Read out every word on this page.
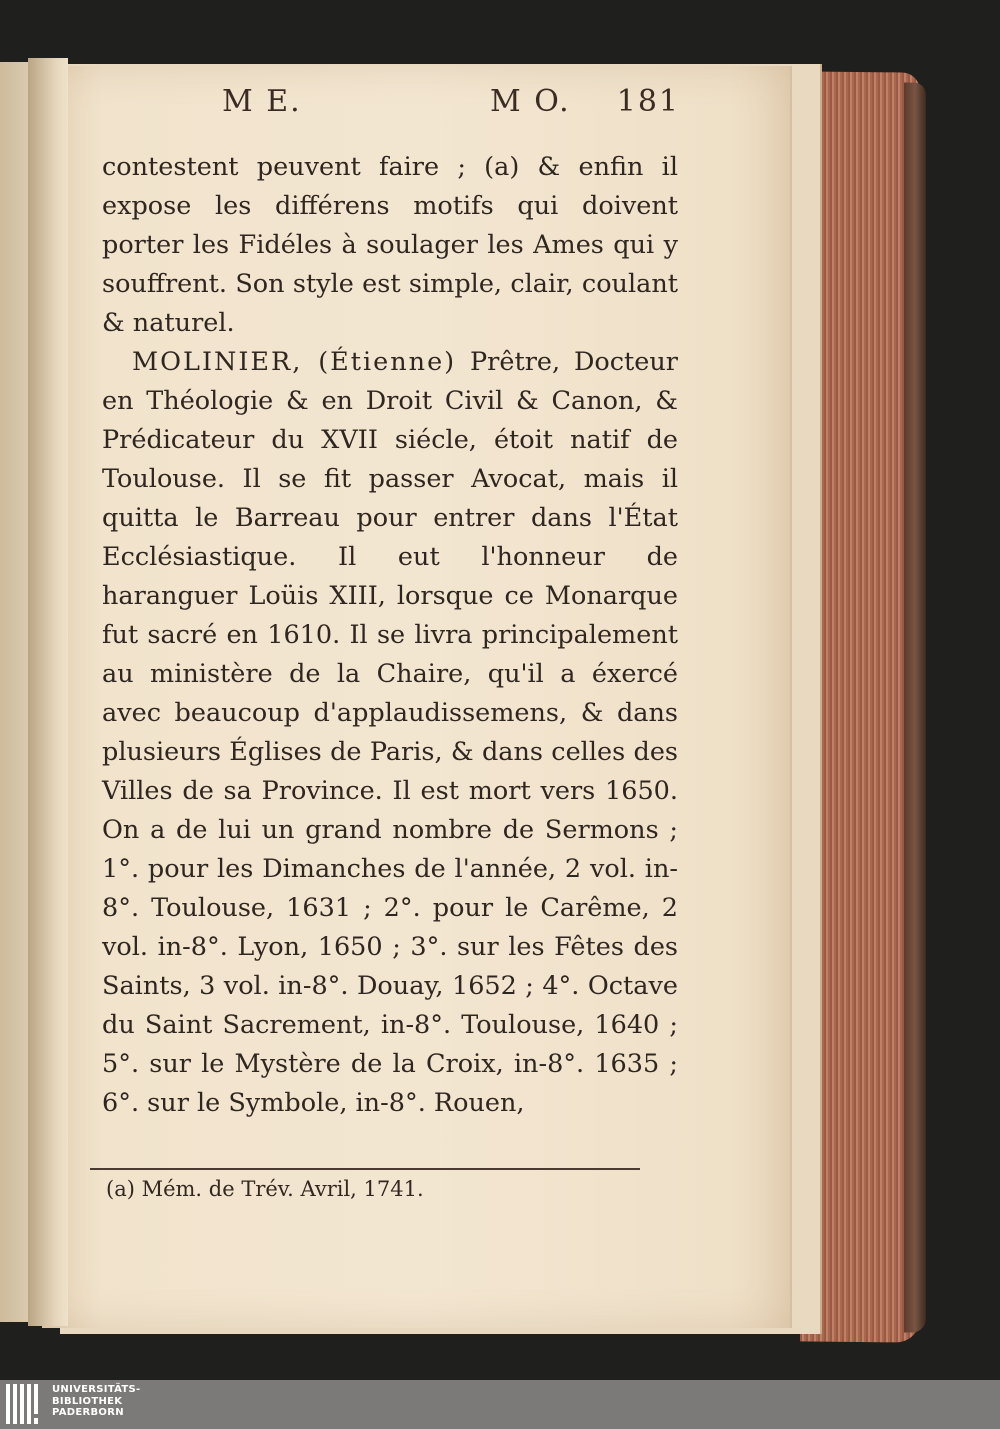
M E.	M O. 181

contestent peuvent faire ; (a) & enfin il expose les différens motifs qui doivent porter les Fidéles à soulager les Ames qui y souffrent. Son style est simple, clair, coulant & naturel.

MOLINIER, (Étienne) Prêtre, Docteur en Théologie & en Droit Civil & Canon, & Prédicateur du XVII siécle, étoit natif de Toulouse. Il se fit passer Avocat, mais il quitta le Barreau pour entrer dans l'État Ecclésiastique. Il eut l'honneur de haranguer Loüis XIII, lorsque ce Monarque fut sacré en 1610. Il se livra principalement au ministère de la Chaire, qu'il a éxercé avec beaucoup d'applaudissemens, & dans plusieurs Églises de Paris, & dans celles des Villes de sa Province. Il est mort vers 1650. On a de lui un grand nombre de Sermons ; 1°. pour les Dimanches de l'année, 2 vol. in-8°. Toulouse, 1631 ; 2°. pour le Carême, 2 vol. in-8°. Lyon, 1650 ; 3°. sur les Fêtes des Saints, 3 vol. in-8°. Douay, 1652 ; 4°. Octave du Saint Sacrement, in-8°. Toulouse, 1640 ; 5°. sur le Mystère de la Croix, in-8°. 1635 ; 6°. sur le Symbole, in-8°. Rouen,

(a) Mém. de Trév. Avril, 1741.
UNIVERSITÄTS-
BIBLIOTHEK
PADERBORN
